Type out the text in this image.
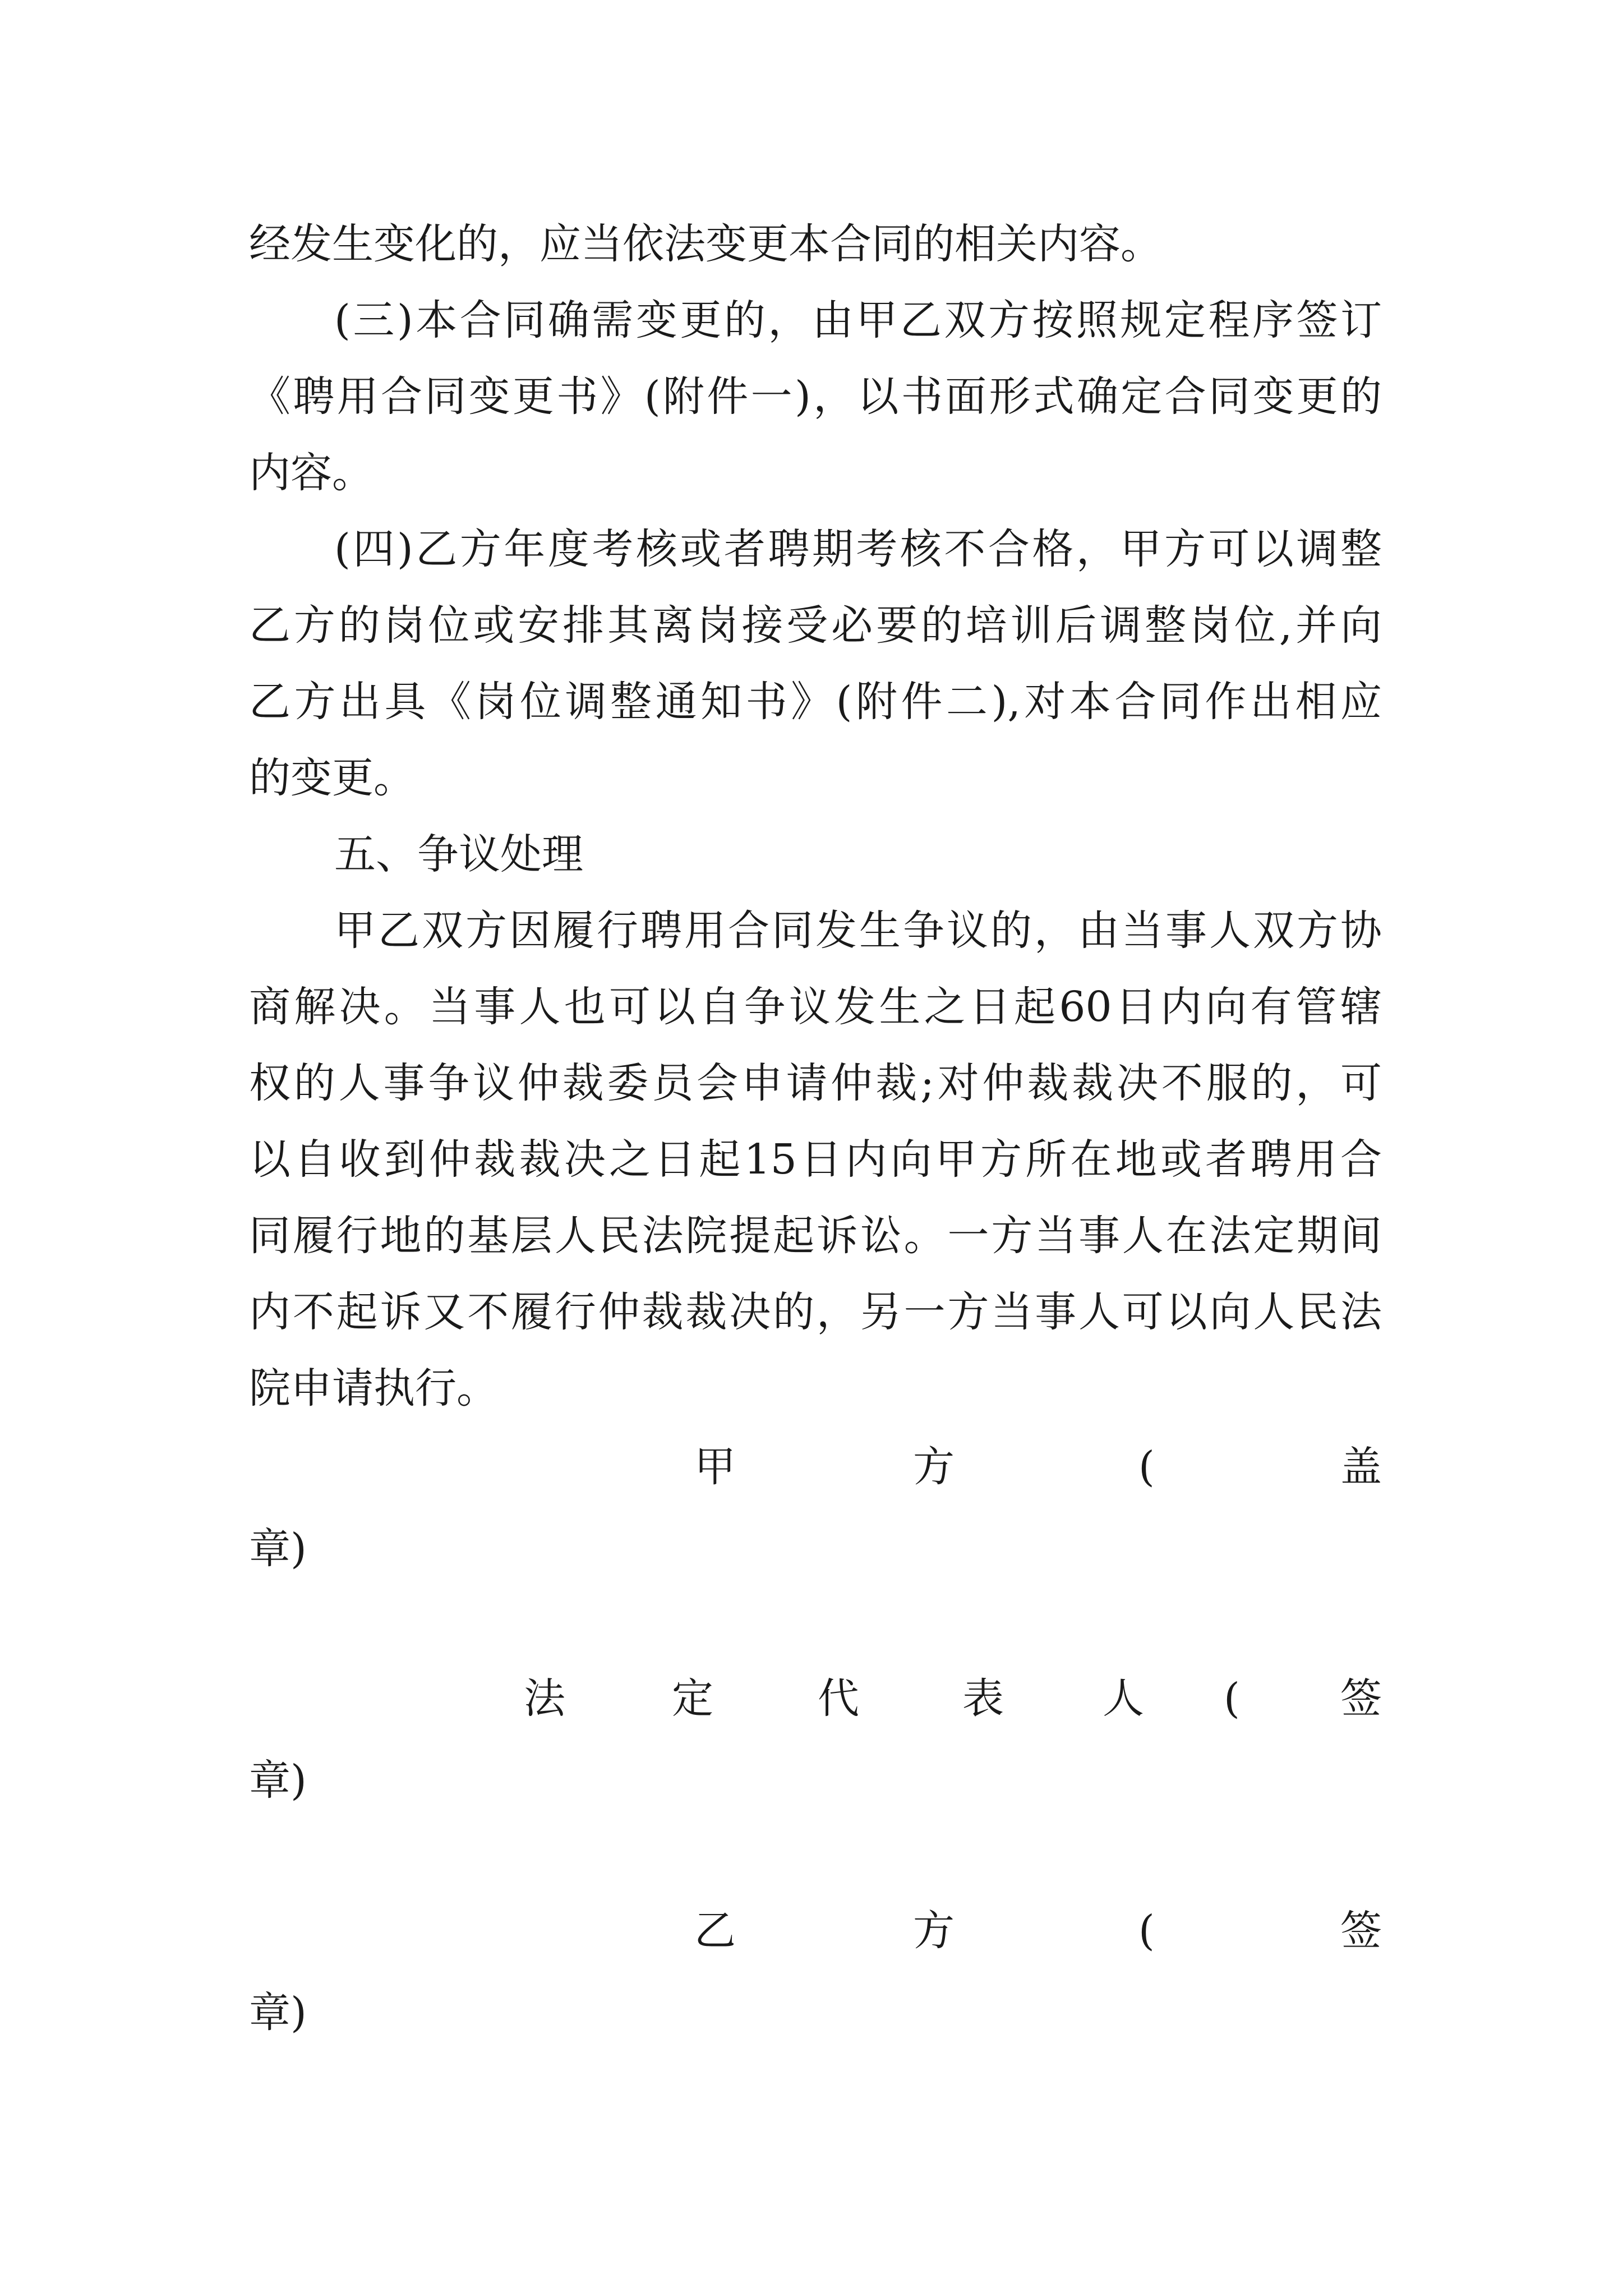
经发生变化的，应当依法变更本合同的相关内容。
(三)本合同确需变更的，由甲乙双方按照规定程序签订
《聘用合同变更书》(附件一)，以书面形式确定合同变更的
内容。
(四)乙方年度考核或者聘期考核不合格，甲方可以调整
乙方的岗位或安排其离岗接受必要的培训后调整岗位,并向
乙方出具《岗位调整通知书》(附件二),对本合同作出相应
的变更。
五、争议处理
甲乙双方因履行聘用合同发生争议的，由当事人双方协
商解决。当事人也可以自争议发生之日起60日内向有管辖
权的人事争议仲裁委员会申请仲裁;对仲裁裁决不服的，可
以自收到仲裁裁决之日起15日内向甲方所在地或者聘用合
同履行地的基层人民法院提起诉讼。一方当事人在法定期间
内不起诉又不履行仲裁裁决的，另一方当事人可以向人民法
院申请执行。
甲	方	(	盖
章)
法	定	代 表 人 ( 签
章)
乙	方	(	签
章)
